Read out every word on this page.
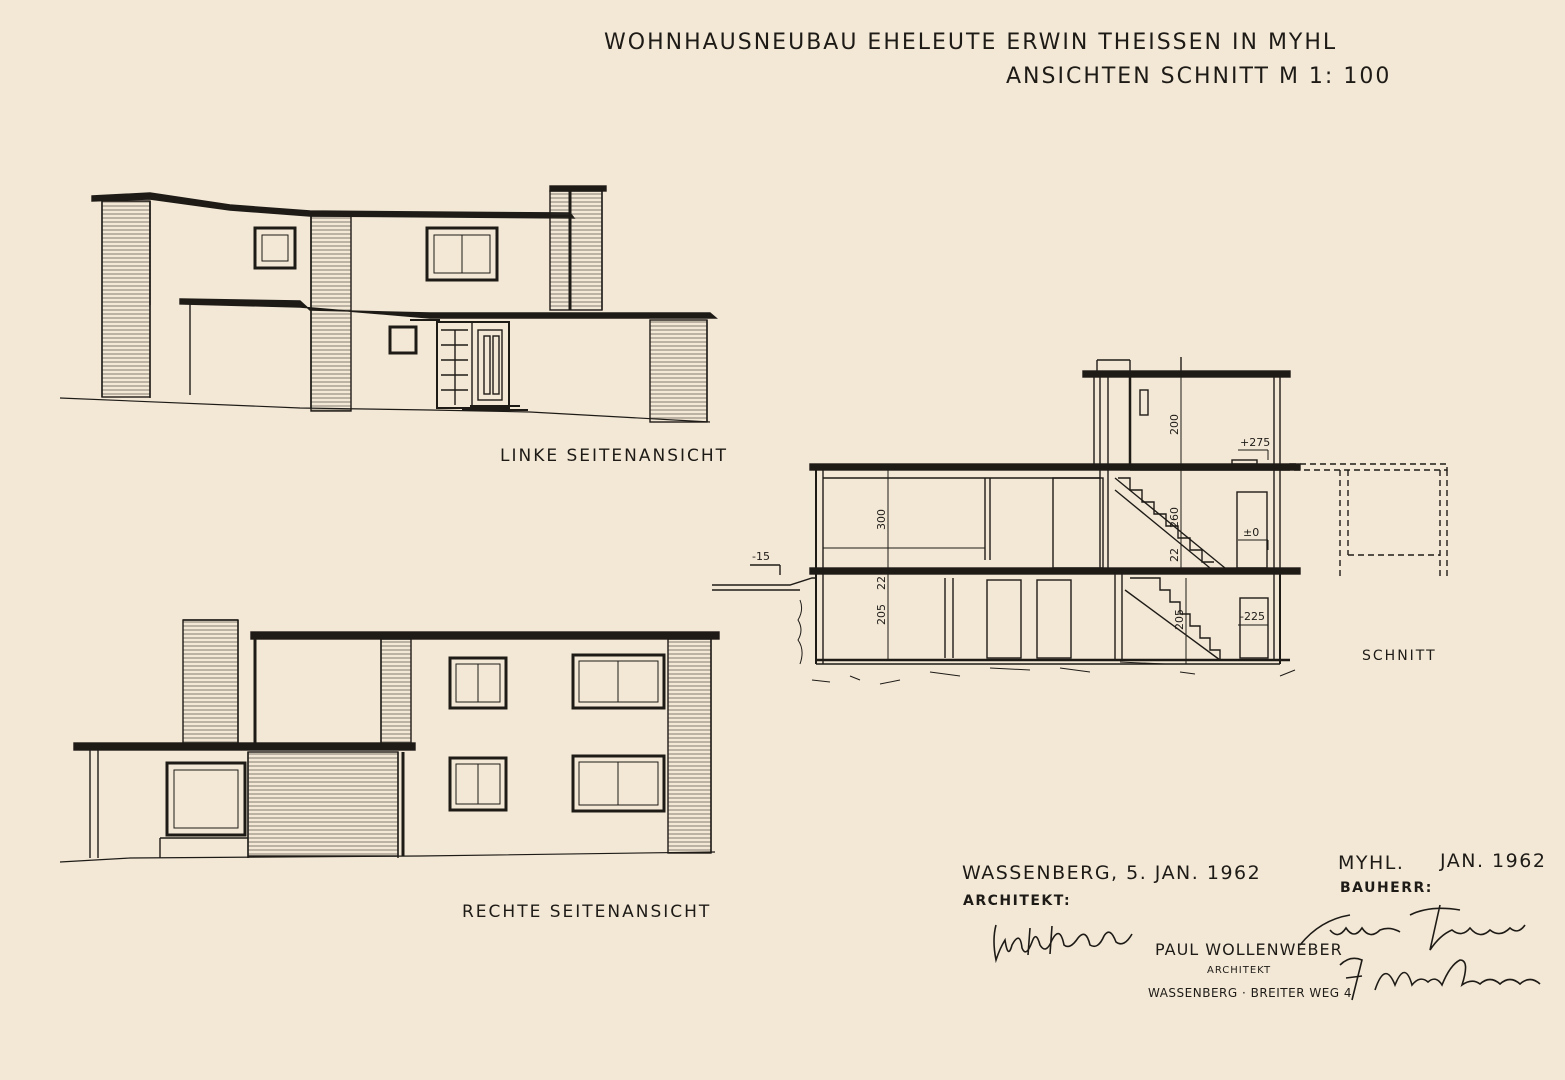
WOHNHAUSNEUBAU EHELEUTE ERWIN THEISSEN IN MYHL
ANSICHTEN SCHNITT M 1: 100
-15
+275
±0
-225
200
260
300
205	205
22
22
LINKE SEITENANSICHT
RECHTE SEITENANSICHT
SCHNITT
WASSENBERG, 5. JAN. 1962
ARCHITEKT:
PAUL WOLLENWEBER
ARCHITEKT
WASSENBERG · BREITER WEG 4
MYHL. JAN. 1962
BAUHERR:
